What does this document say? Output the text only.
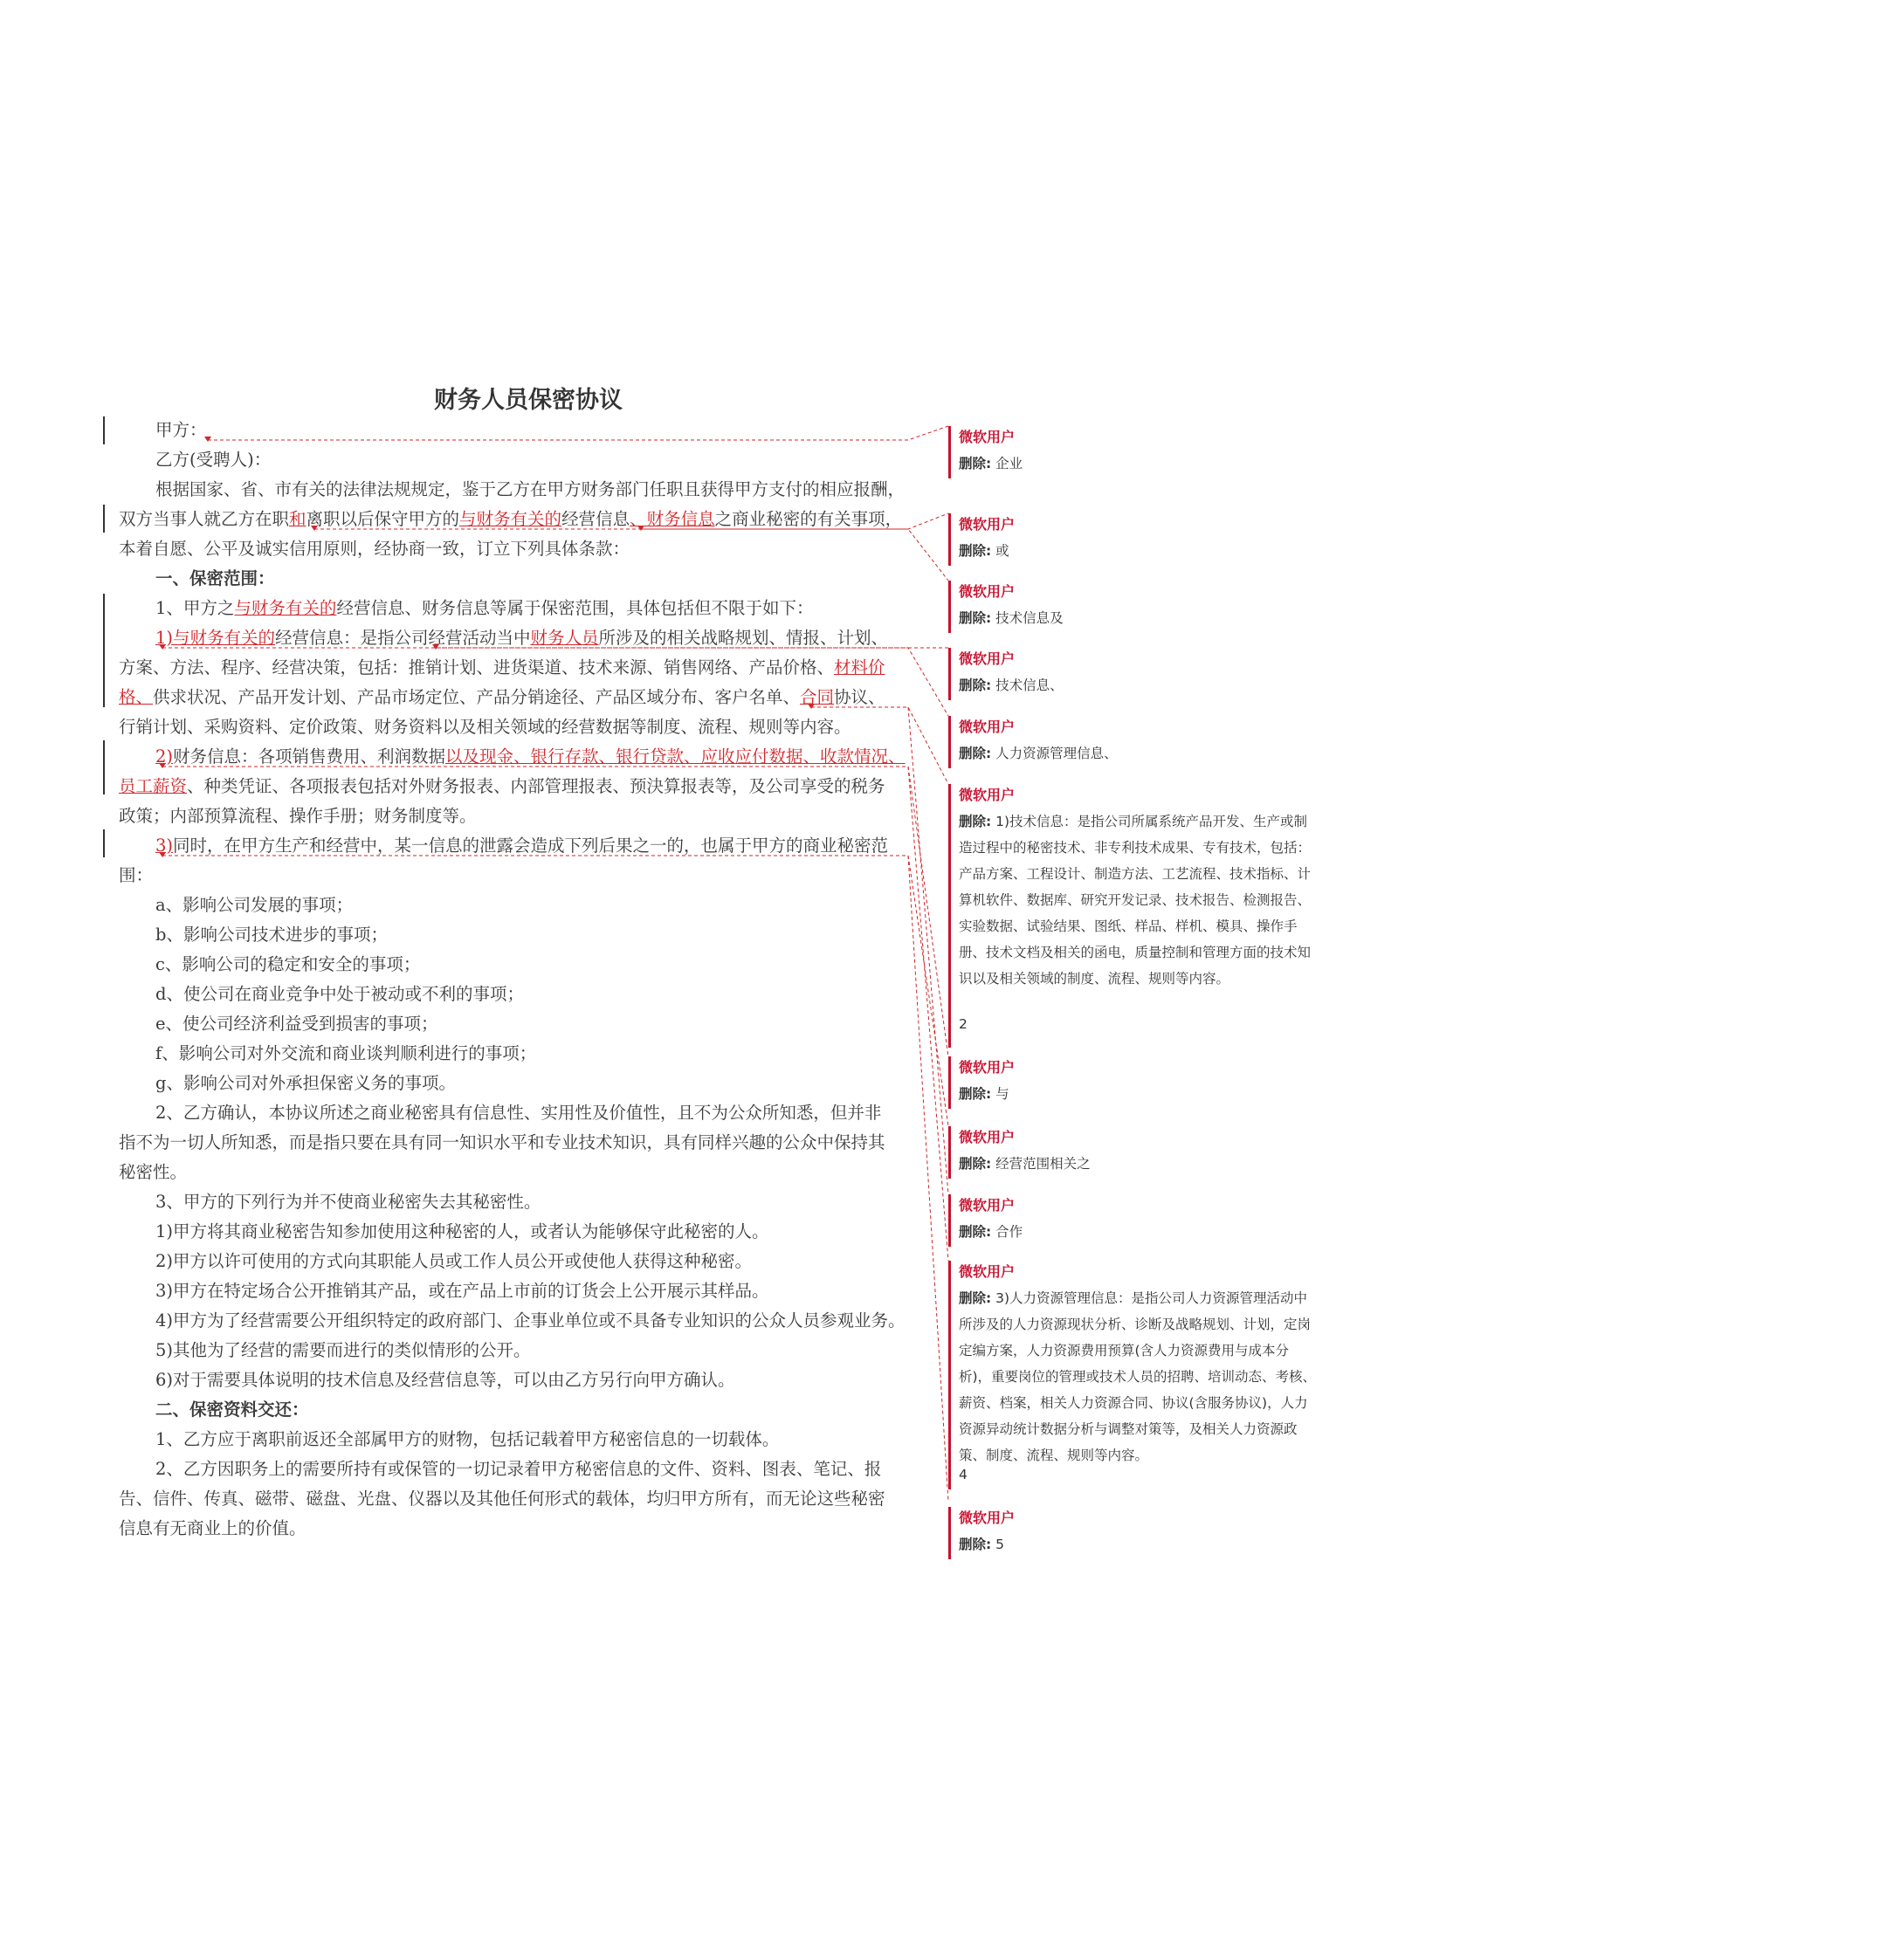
财务人员保密协议
甲方：
乙方(受聘人)：
根据国家、省、市有关的法律法规规定，鉴于乙方在甲方财务部门任职且获得甲方支付的相应报酬，
双方当事人就乙方在职和离职以后保守甲方的与财务有关的经营信息、财务信息之商业秘密的有关事项，
本着自愿、公平及诚实信用原则，经协商一致，订立下列具体条款：
一、保密范围：
1、甲方之与财务有关的经营信息、财务信息等属于保密范围，具体包括但不限于如下：
1)与财务有关的经营信息：是指公司经营活动当中财务人员所涉及的相关战略规划、情报、计划、
方案、方法、程序、经营决策，包括：推销计划、进货渠道、技术来源、销售网络、产品价格、材料价
格、供求状况、产品开发计划、产品市场定位、产品分销途径、产品区域分布、客户名单、合同协议、
行销计划、采购资料、定价政策、财务资料以及相关领域的经营数据等制度、流程、规则等内容。
2)财务信息：各项销售费用、利润数据以及现金、银行存款、银行贷款、应收应付数据、收款情况、
员工薪资、种类凭证、各项报表包括对外财务报表、内部管理报表、预決算报表等，及公司享受的税务
政策；内部预算流程、操作手册；财务制度等。
3)同时，在甲方生产和经营中，某一信息的泄露会造成下列后果之一的，也属于甲方的商业秘密范
围：
a、影响公司发展的事项；
b、影响公司技术进步的事项；
c、影响公司的稳定和安全的事项；
d、使公司在商业竞争中处于被动或不利的事项；
e、使公司经济利益受到损害的事项；
f、影响公司对外交流和商业谈判顺利进行的事项；
g、影响公司对外承担保密义务的事项。
2、乙方确认，本协议所述之商业秘密具有信息性、实用性及价值性，且不为公众所知悉，但并非
指不为一切人所知悉，而是指只要在具有同一知识水平和专业技术知识，具有同样兴趣的公众中保持其
秘密性。
3、甲方的下列行为并不使商业秘密失去其秘密性。
1)甲方将其商业秘密告知参加使用这种秘密的人，或者认为能够保守此秘密的人。
2)甲方以许可使用的方式向其职能人员或工作人员公开或使他人获得这种秘密。
3)甲方在特定场合公开推销其产品，或在产品上市前的订货会上公开展示其样品。
4)甲方为了经营需要公开组织特定的政府部门、企事业单位或不具备专业知识的公众人员参观业务。
5)其他为了经营的需要而进行的类似情形的公开。
6)对于需要具体说明的技术信息及经营信息等，可以由乙方另行向甲方确认。
二、保密资料交还：
1、乙方应于离职前返还全部属甲方的财物，包括记载着甲方秘密信息的一切载体。
2、乙方因职务上的需要所持有或保管的一切记录着甲方秘密信息的文件、资料、图表、笔记、报
告、信件、传真、磁带、磁盘、光盘、仪器以及其他任何形式的载体，均归甲方所有，而无论这些秘密
信息有无商业上的价值。
微软用户
删除: 企业
微软用户
删除: 或
微软用户
删除: 技术信息及
微软用户
删除: 技术信息、
微软用户
删除: 人力资源管理信息、
微软用户
删除: 1)技术信息：是指公司所属系统产品开发、生产或制造过程中的秘密技术、非专利技术成果、专有技术，包括：产品方案、工程设计、制造方法、工艺流程、技术指标、计算机软件、数据库、研究开发记录、技术报告、检测报告、实验数据、试验结果、图纸、样品、样机、模具、操作手册、技术文档及相关的函电，质量控制和管理方面的技术知识以及相关领域的制度、流程、规则等内容。
2
微软用户
删除: 与
微软用户
删除: 经营范围相关之
微软用户
删除: 合作
微软用户
删除: 3)人力资源管理信息：是指公司人力资源管理活动中所涉及的人力资源现状分析、诊断及战略规划、计划，定岗定编方案，人力资源费用预算(含人力资源费用与成本分析)，重要岗位的管理或技术人员的招聘、培训动态、考核、薪资、档案，相关人力资源合同、协议(含服务协议)，人力资源异动统计数据分析与调整对策等，及相关人力资源政策、制度、流程、规则等内容。
4
微软用户
删除: 5
